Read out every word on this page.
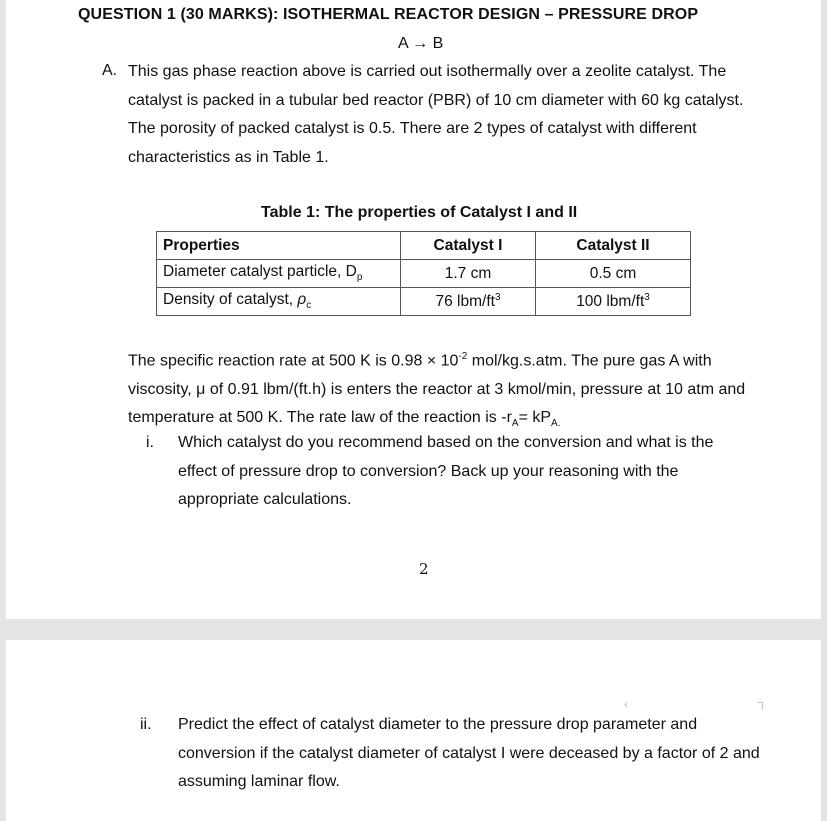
QUESTION 1 (30 MARKS): ISOTHERMAL REACTOR DESIGN – PRESSURE DROP
A → B
A. This gas phase reaction above is carried out isothermally over a zeolite catalyst. The
catalyst is packed in a tubular bed reactor (PBR) of 10 cm diameter with 60 kg catalyst.
The porosity of packed catalyst is 0.5. There are 2 types of catalyst with different
characteristics as in Table 1.
Table 1: The properties of Catalyst I and II
Properties	Catalyst I	Catalyst II
Diameter catalyst particle, $D_p$	1.7 cm	0.5 cm
Density of catalyst, $\rho_c$	76 lbm/$ft^3$	100 lbm/$ft^3$
The specific reaction rate at 500 K is $0.98 \times 10^{-2}$ mol/kg.s.atm. The pure gas A with
viscosity, μ of 0.91 lbm/(ft.h) is enters the reactor at 3 kmol/min, pressure at 10 atm and
temperature at 500 K. The rate law of the reaction is $-r_A= kP_{A.}$
i. Which catalyst do you recommend based on the conversion and what is the
effect of pressure drop to conversion? Back up your reasoning with the
appropriate calculations.
2
‹	┐
ii. Predict the effect of catalyst diameter to the pressure drop parameter and
conversion if the catalyst diameter of catalyst I were deceased by a factor of 2 and
assuming laminar flow.
